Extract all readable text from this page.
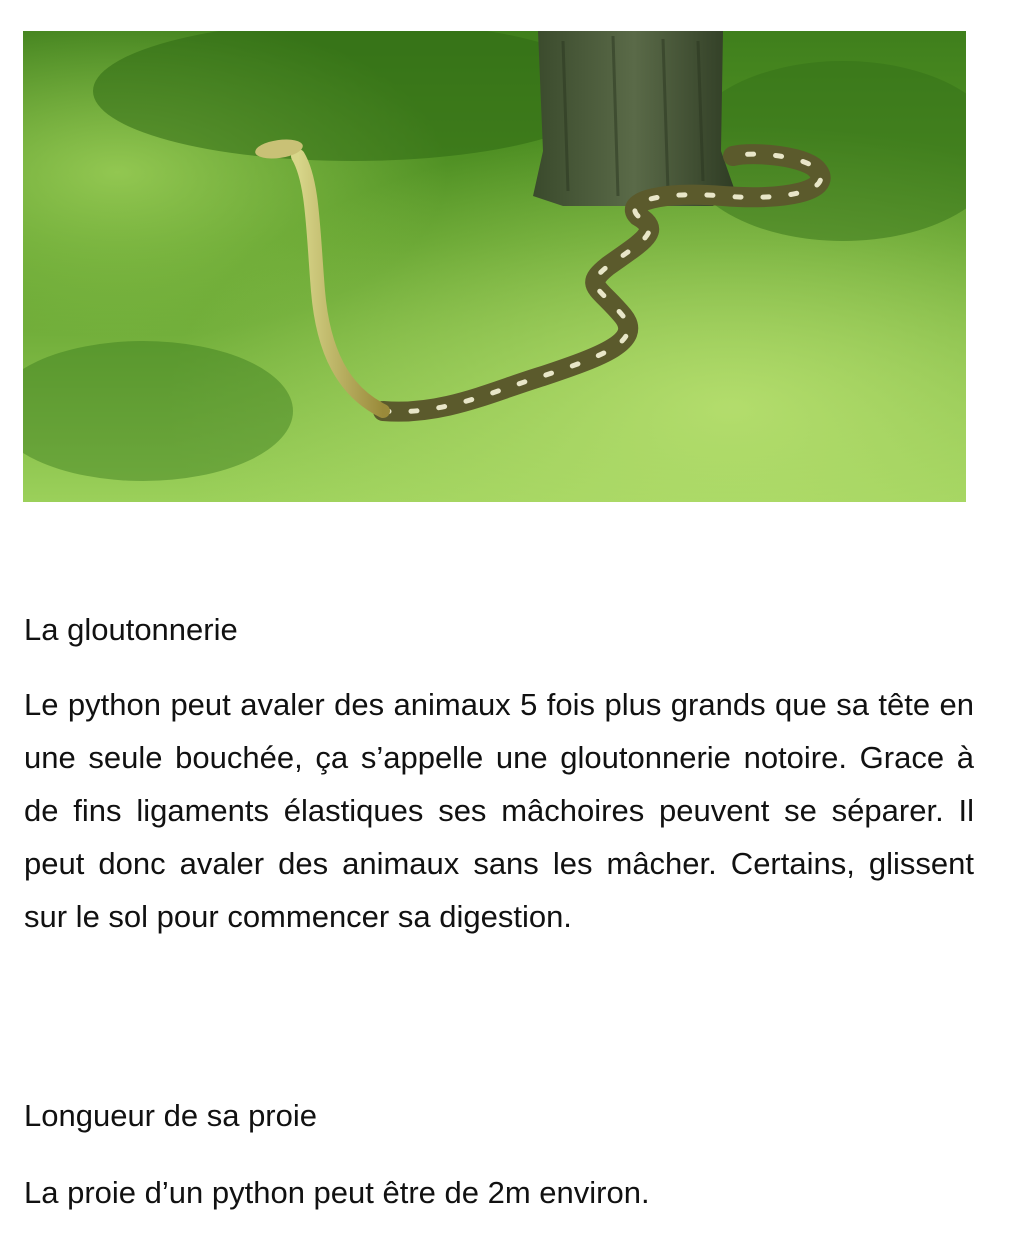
La gloutonnerie

Le python peut avaler des animaux 5 fois plus grands que sa tête en une seule bouchée, ça s’appelle une gloutonnerie notoire. Grace à de fins ligaments élastiques ses mâchoires peuvent se séparer. Il peut donc avaler des animaux sans les mâcher. Certains, glissent sur le sol pour commencer sa digestion.

Longueur de sa proie

La proie d’un python peut être de 2m environ.
